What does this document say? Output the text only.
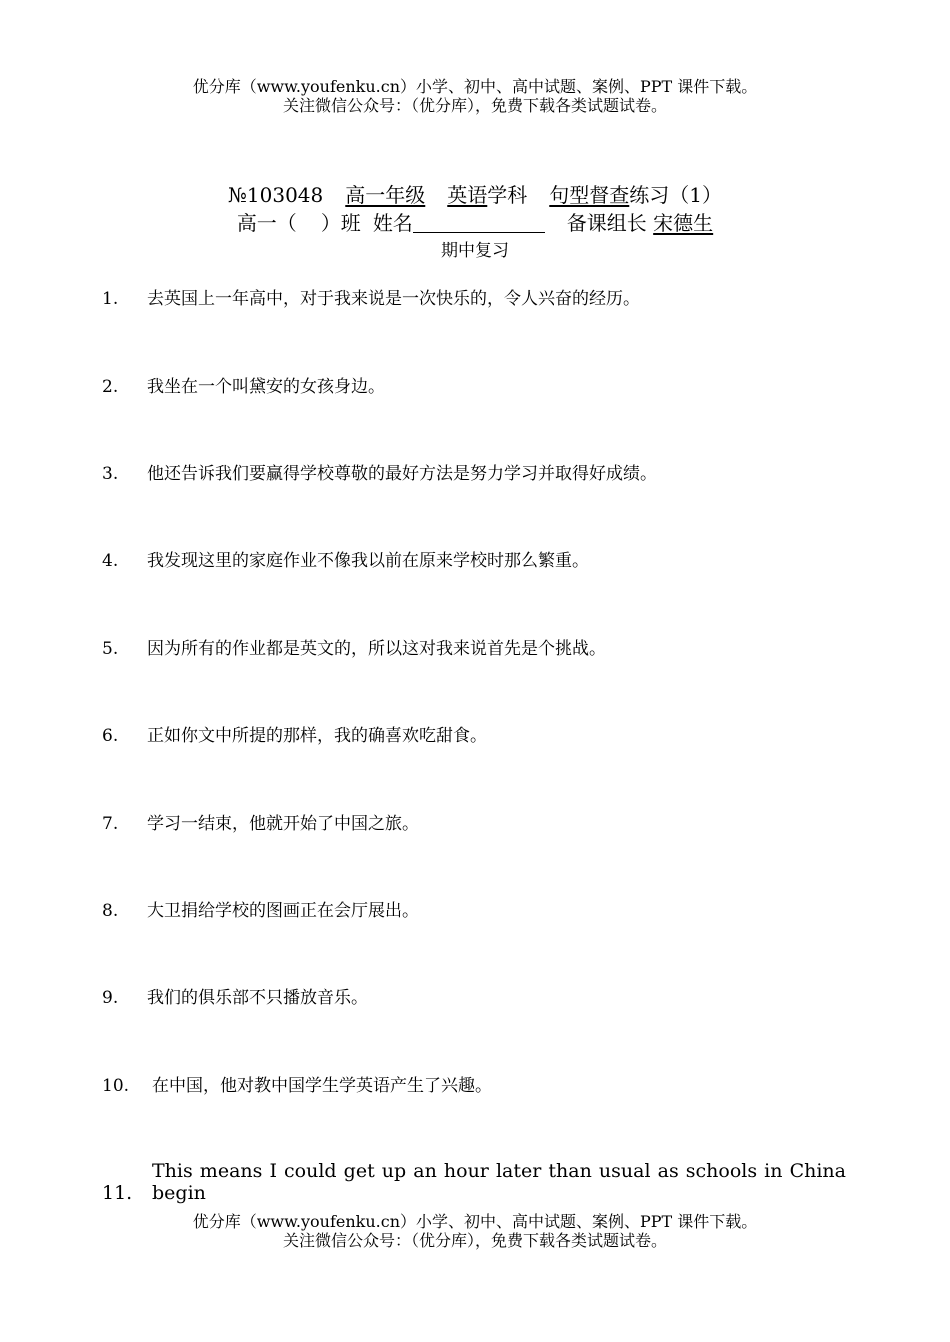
优分库（www.youfenku.cn）小学、初中、高中试题、案例、PPT 课件下载。
关注微信公众号：（优分库），免费下载各类试题试卷。
№103048 高一年级 英语学科 句型督查练习（1）
高一（ ）班 姓名	备课组长 宋德生
期中复习
1. 去英国上一年高中，对于我来说是一次快乐的，令人兴奋的经历。
2. 我坐在一个叫黛安的女孩身边。
3. 他还告诉我们要赢得学校尊敬的最好方法是努力学习并取得好成绩。
4. 我发现这里的家庭作业不像我以前在原来学校时那么繁重。
5. 因为所有的作业都是英文的，所以这对我来说首先是个挑战。
6. 正如你文中所提的那样，我的确喜欢吃甜食。
7. 学习一结束，他就开始了中国之旅。
8. 大卫捐给学校的图画正在会厅展出。
9. 我们的俱乐部不只播放音乐。
10. 在中国，他对教中国学生学英语产生了兴趣。
11.This means I could get up an hour later than usual as schools in China begin
优分库（www.youfenku.cn）小学、初中、高中试题、案例、PPT 课件下载。
关注微信公众号：（优分库），免费下载各类试题试卷。
